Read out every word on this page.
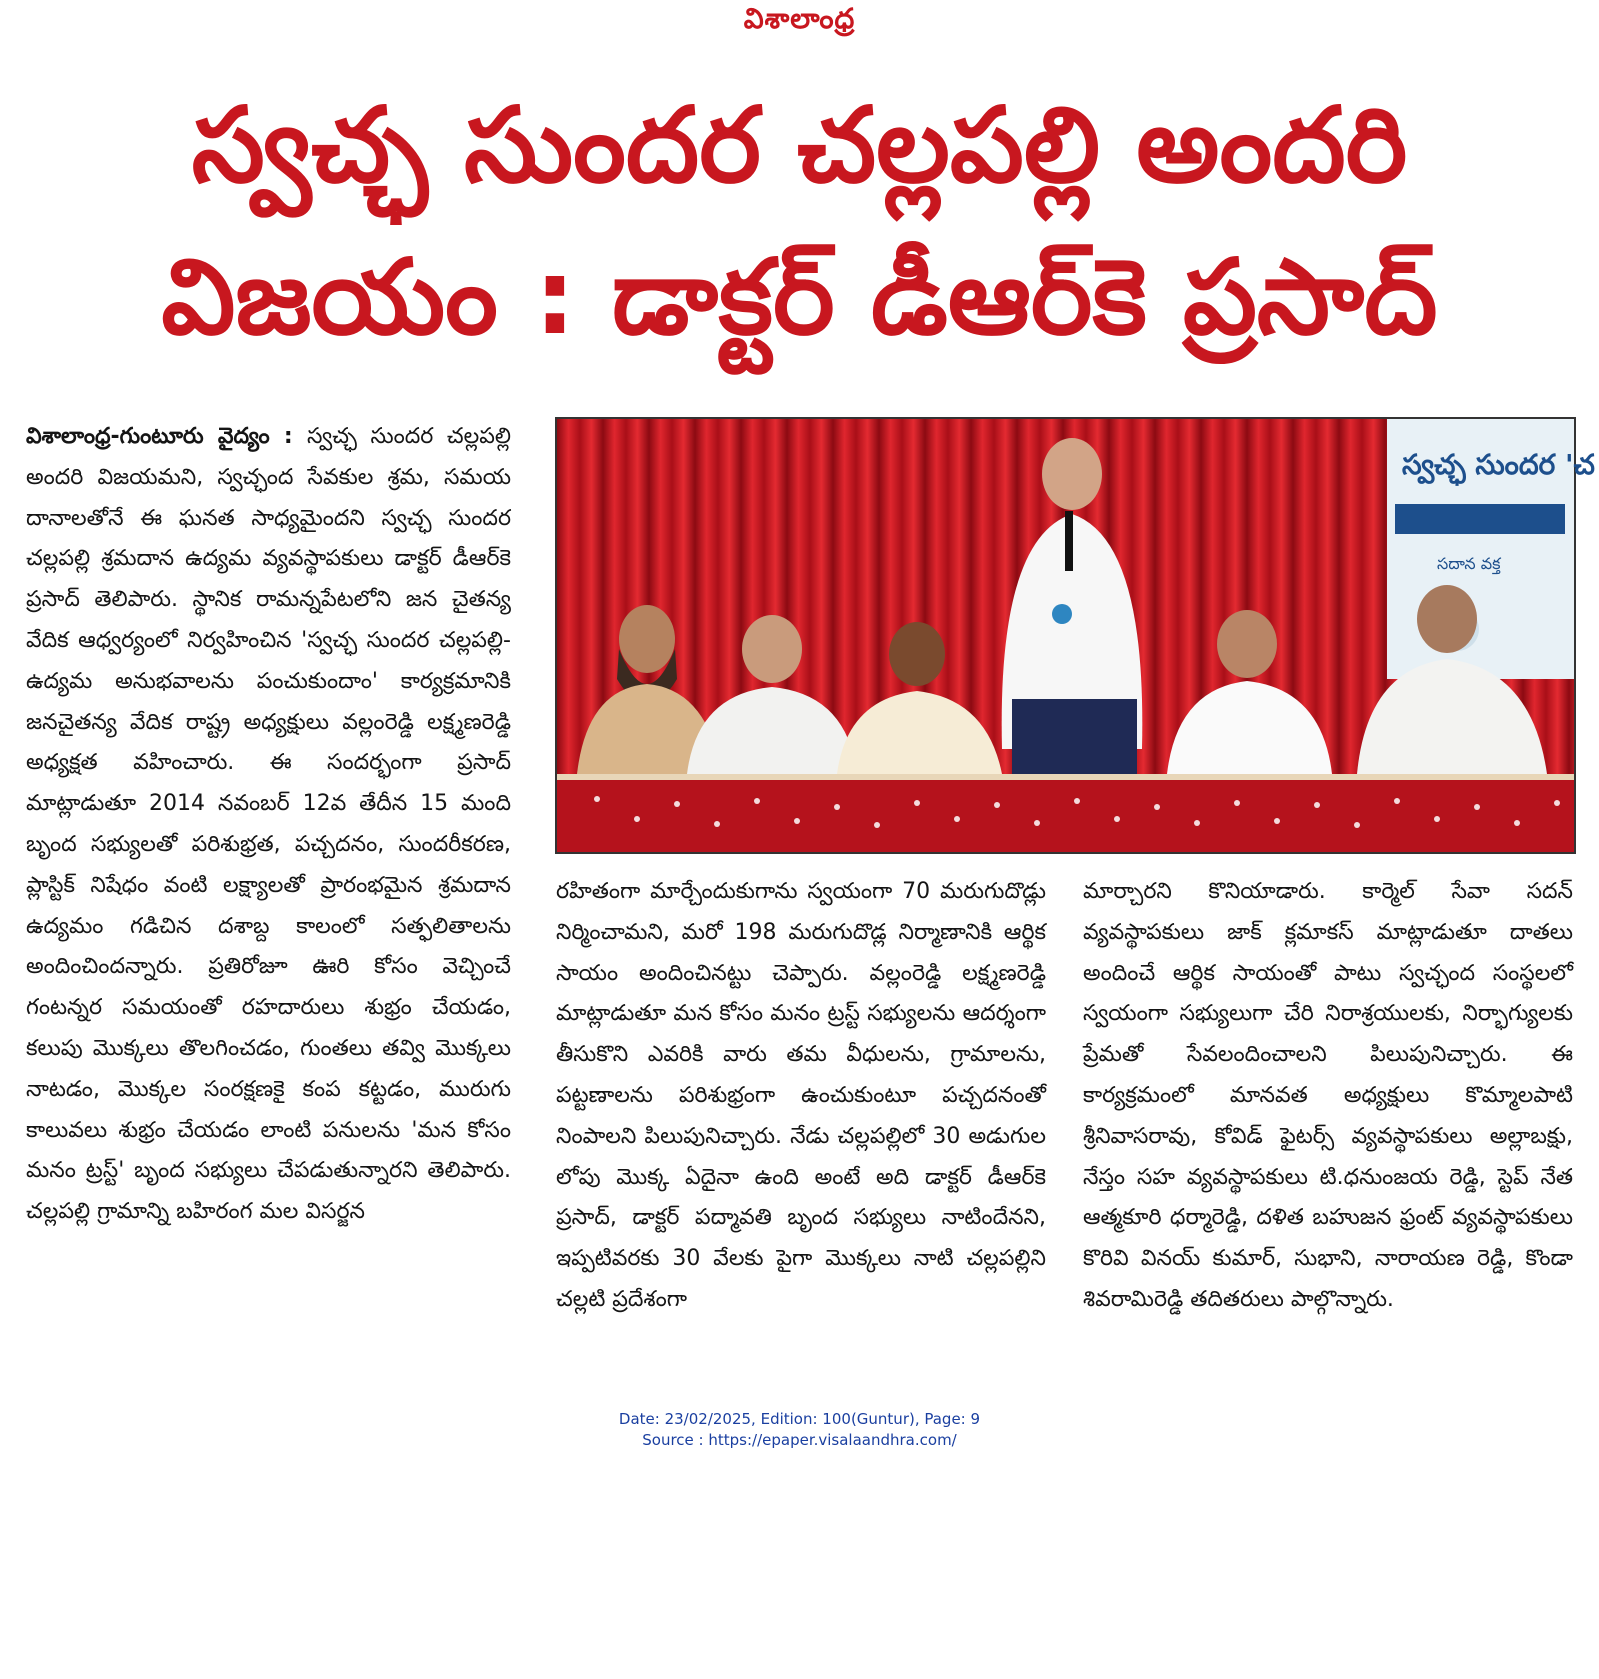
విశాలాంధ్ర
స్వచ్ఛ సుందర చల్లపల్లి అందరి
విజయం : డాక్టర్ డీఆర్‌కె ప్రసాద్
విశాలాంధ్ర-గుంటూరు వైద్యం : స్వచ్ఛ సుందర చల్లపల్లి అందరి విజయమని, స్వచ్ఛంద సేవకుల శ్రమ, సమయ దానాలతోనే ఈ ఘనత సాధ్యమైందని స్వచ్ఛ సుందర చల్లపల్లి శ్రమదాన ఉద్యమ వ్యవస్థాపకులు డాక్టర్ డీఆర్‌కె ప్రసాద్ తెలిపారు. స్థానిక రామన్నపేటలోని జన చైతన్య వేదిక ఆధ్వర్యంలో నిర్వహించిన 'స్వచ్ఛ సుందర చల్లపల్లి-ఉద్యమ అనుభవాలను పంచుకుందాం' కార్యక్రమానికి జనచైతన్య వేదిక రాష్ట్ర అధ్యక్షులు వల్లంరెడ్డి లక్ష్మణరెడ్డి అధ్యక్షత వహించారు. ఈ సందర్భంగా ప్రసాద్ మాట్లాడుతూ 2014 నవంబర్ 12వ తేదీన 15 మంది బృంద సభ్యులతో పరిశుభ్రత, పచ్చదనం, సుందరీకరణ, ప్లాస్టిక్ నిషేధం వంటి లక్ష్యాలతో ప్రారంభమైన శ్రమదాన ఉద్యమం గడిచిన దశాబ్ద కాలంలో సత్ఫలితాలను అందించిందన్నారు. ప్రతిరోజూ ఊరి కోసం వెచ్చించే గంటన్నర సమయంతో రహదారులు శుభ్రం చేయడం, కలుపు మొక్కలు తొలగించడం, గుంతలు తవ్వి మొక్కలు నాటడం, మొక్కల సంరక్షణకై కంప కట్టడం, మురుగు కాలువలు శుభ్రం చేయడం లాంటి పనులను 'మన కోసం మనం ట్రస్ట్' బృంద సభ్యులు చేపడుతున్నారని తెలిపారు. చల్లపల్లి గ్రామాన్ని బహిరంగ మల విసర్జన
స్వచ్ఛ సుందర 'చ
సదాన వక్త
రహితంగా మార్చేందుకుగాను స్వయంగా 70 మరుగుదొడ్లు నిర్మించామని, మరో 198 మరుగుదొడ్ల నిర్మాణానికి ఆర్థిక సాయం అందించినట్టు చెప్పారు. వల్లంరెడ్డి లక్ష్మణరెడ్డి మాట్లాడుతూ మన కోసం మనం ట్రస్ట్ సభ్యులను ఆదర్శంగా తీసుకొని ఎవరికి వారు తమ వీధులను, గ్రామాలను, పట్టణాలను పరిశుభ్రంగా ఉంచుకుంటూ పచ్చదనంతో నింపాలని పిలుపునిచ్చారు. నేడు చల్లపల్లిలో 30 అడుగుల లోపు మొక్క ఏదైనా ఉంది అంటే అది డాక్టర్ డీఆర్‌కె ప్రసాద్, డాక్టర్ పద్మావతి బృంద సభ్యులు నాటిందేనని, ఇప్పటివరకు 30 వేలకు పైగా మొక్కలు నాటి చల్లపల్లిని చల్లటి ప్రదేశంగా
మార్చారని కొనియాడారు. కార్మెల్ సేవా సదన్ వ్యవస్థాపకులు జాక్ క్లమాకస్ మాట్లాడుతూ దాతలు అందించే ఆర్థిక సాయంతో పాటు స్వచ్ఛంద సంస్థలలో స్వయంగా సభ్యులుగా చేరి నిరాశ్రయులకు, నిర్భాగ్యులకు ప్రేమతో సేవలందించాలని పిలుపునిచ్చారు. ఈ కార్యక్రమంలో మానవత అధ్యక్షులు కొమ్మాలపాటి శ్రీనివాసరావు, కోవిడ్ ఫైటర్స్ వ్యవస్థాపకులు అల్లాబక్షు, నేస్తం సహ వ్యవస్థాపకులు టి.ధనుంజయ రెడ్డి, స్టెప్ నేత ఆత్మకూరి ధర్మారెడ్డి, దళిత బహుజన ఫ్రంట్ వ్యవస్థాపకులు కొరివి వినయ్ కుమార్, సుభాని, నారాయణ రెడ్డి, కొండా శివరామిరెడ్డి తదితరులు పాల్గొన్నారు.
Date: 23/02/2025, Edition: 100(Guntur), Page: 9
Source : https://epaper.visalaandhra.com/
